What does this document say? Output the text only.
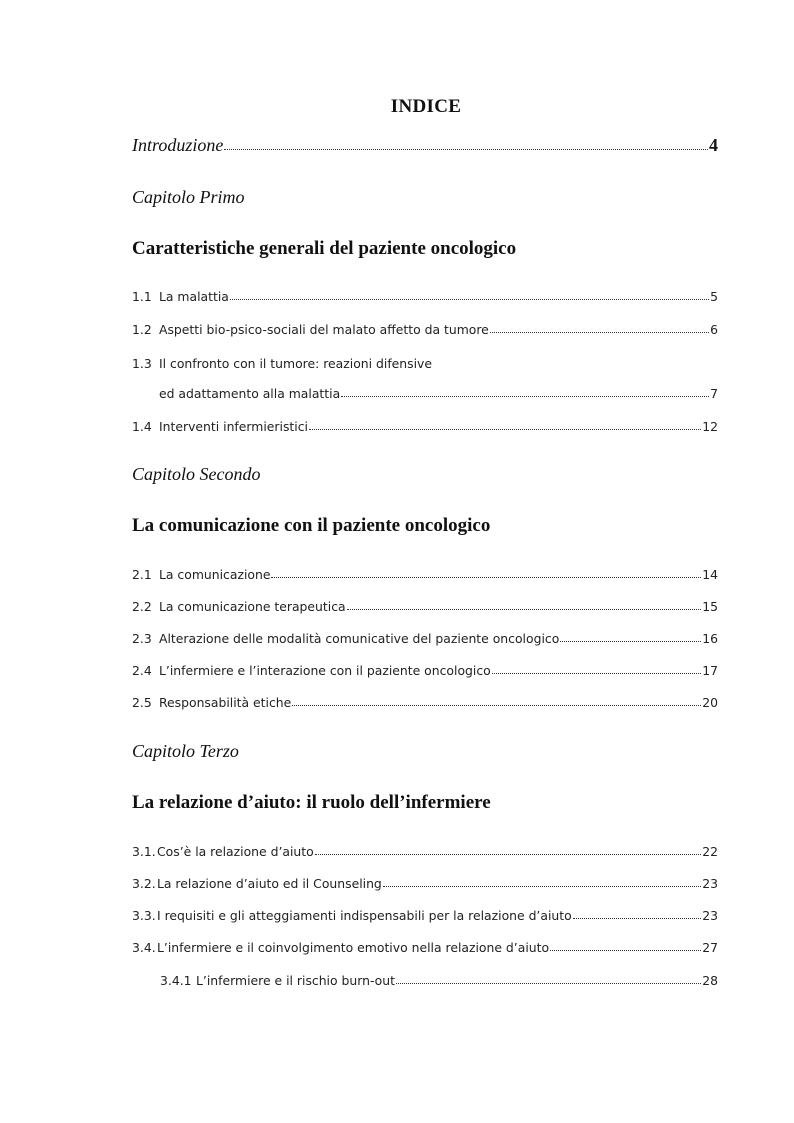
INDICE
Introduzione	4
Capitolo Primo
Caratteristiche generali del paziente oncologico
1.1 La malattia	5
1.2 Aspetti bio-psico-sociali del malato affetto da tumore	6
1.3 Il confronto con il tumore: reazioni difensive
ed adattamento alla malattia	7
1.4 Interventi infermieristici	12
Capitolo Secondo
La comunicazione con il paziente oncologico
2.1 La comunicazione	14
2.2 La comunicazione terapeutica	15
2.3 Alterazione delle modalità comunicative del paziente oncologico	16
2.4 L’infermiere e l’interazione con il paziente oncologico	17
2.5 Responsabilità etiche	20
Capitolo Terzo
La relazione d’aiuto: il ruolo dell’infermiere
3.1.Cos’è la relazione d’aiuto	22
3.2.La relazione d’aiuto ed il Counseling	23
3.3.I requisiti e gli atteggiamenti indispensabili per la relazione d’aiuto	23
3.4.L’infermiere e il coinvolgimento emotivo nella relazione d’aiuto	27
3.4.1 L’infermiere e il rischio burn-out	28
